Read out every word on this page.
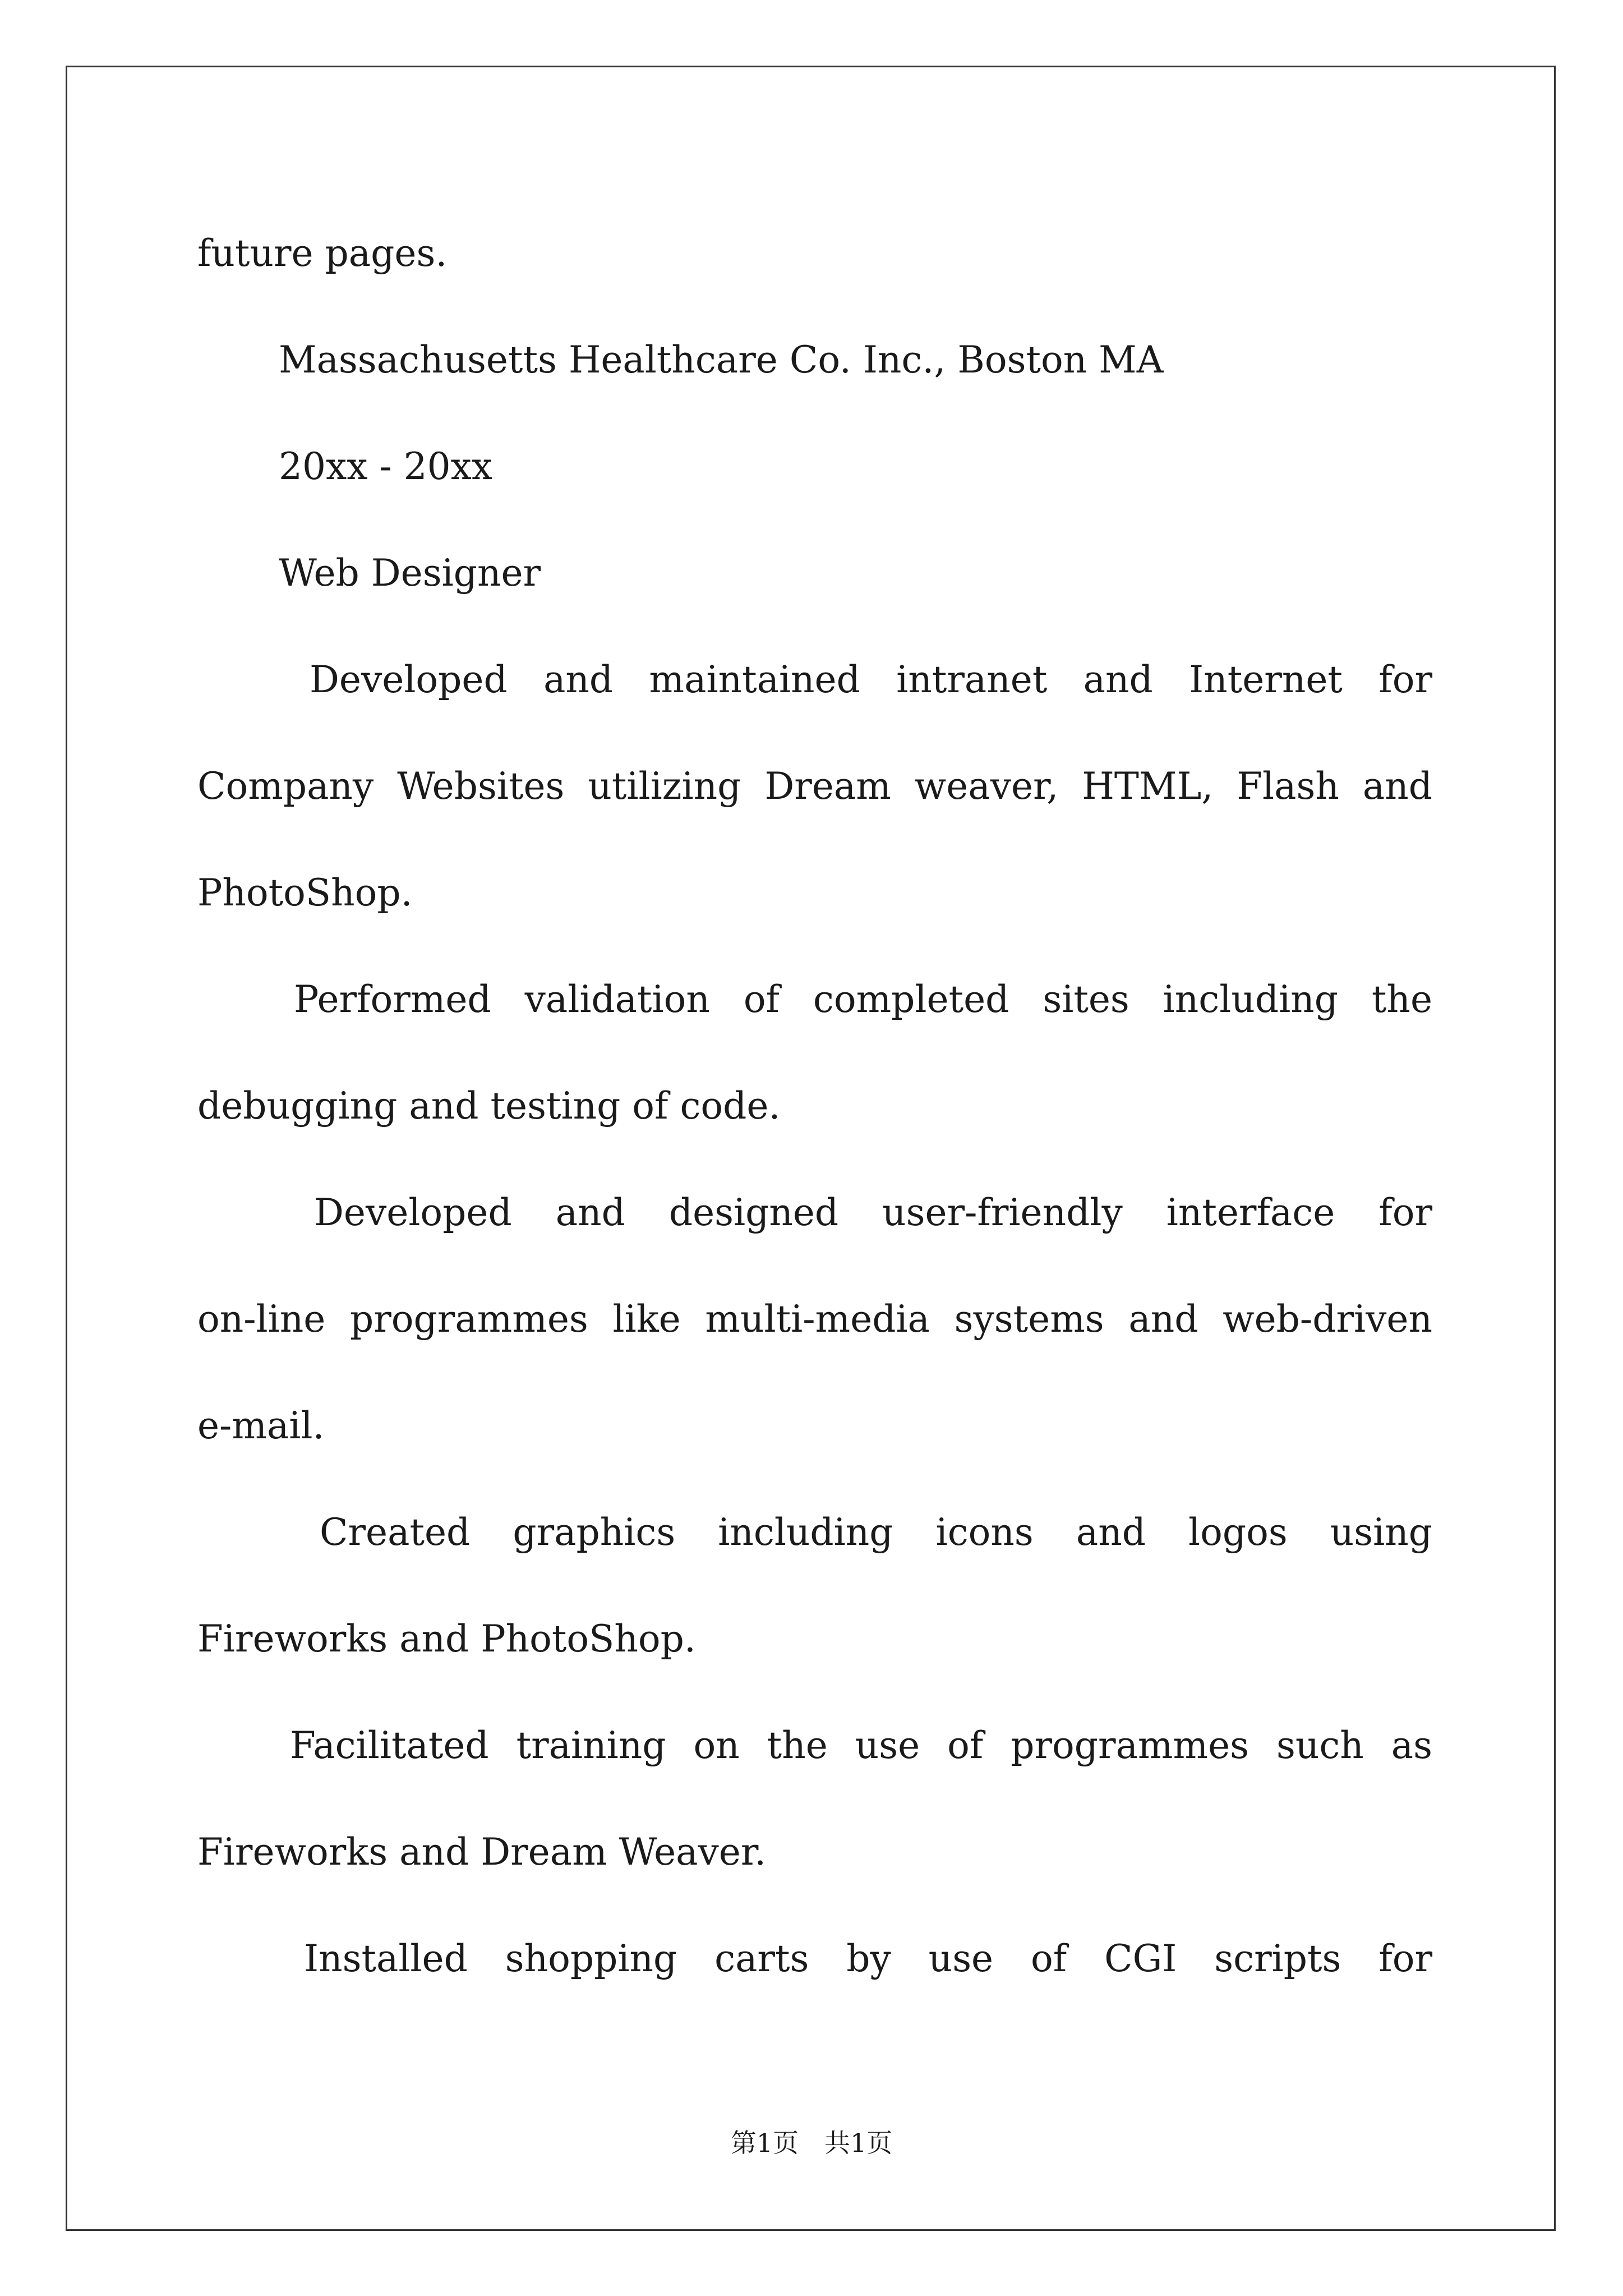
future pages.
Massachusetts Healthcare Co. Inc., Boston MA
20xx - 20xx
Web Designer
Developed and maintained intranet and Internet for
Company Websites utilizing Dream weaver, HTML, Flash and
PhotoShop.
Performed validation of completed sites including the
debugging and testing of code.
Developed and designed user-friendly interface for
on-line programmes like multi-media systems and web-driven
e-mail.
Created graphics including icons and logos using
Fireworks and PhotoShop.
Facilitated training on the use of programmes such as
Fireworks and Dream Weaver.
Installed shopping carts by use of CGI scripts for
第1页　共1页
